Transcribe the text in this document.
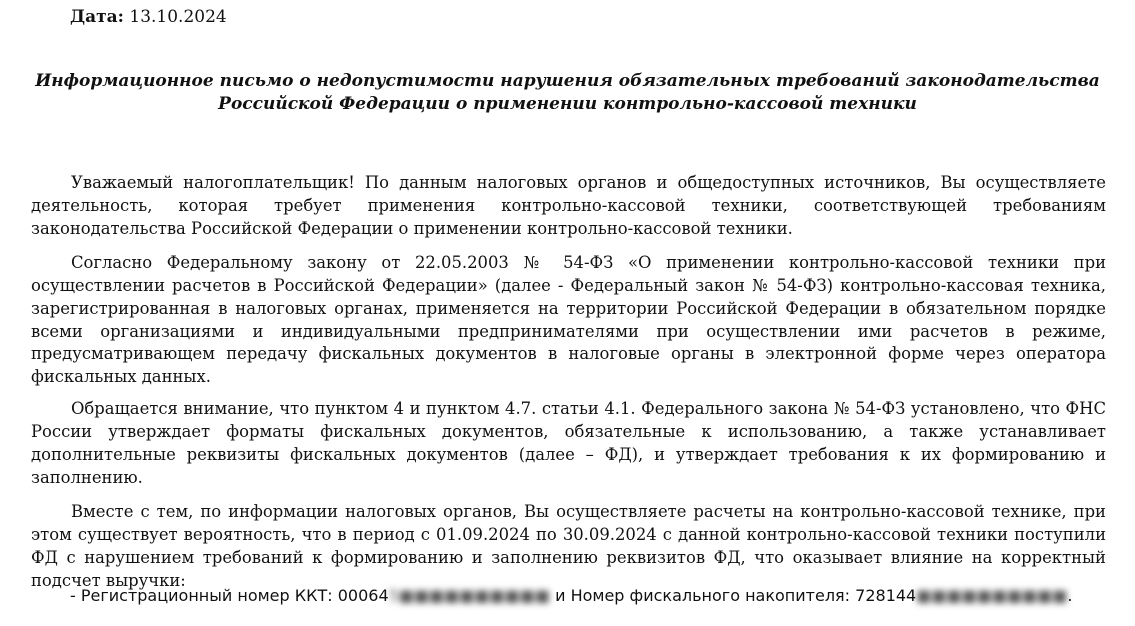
Дата: 13.10.2024
Информационное письмо о недопустимости нарушения обязательных требований законодательства
Российской Федерации о применении контрольно-кассовой техники

Уважаемый налогоплательщик! По данным налоговых органов и общедоступных источников, Вы осуществляете деятельность, которая требует применения контрольно-кассовой техники, соответствующей требованиям законодательства Российской Федерации о применении контрольно-кассовой техники.

Согласно Федеральному закону от 22.05.2003 № 54-ФЗ «О применении контрольно-кассовой техники при осуществлении расчетов в Российской Федерации» (далее - Федеральный закон № 54-ФЗ) контрольно-кассовая техника, зарегистрированная в налоговых органах, применяется на территории Российской Федерации в обязательном порядке всеми организациями и индивидуальными предпринимателями при осуществлении ими расчетов в режиме, предусматривающем передачу фискальных документов в налоговые органы в электронной форме через оператора фискальных данных.

Обращается внимание, что пунктом 4 и пунктом 4.7. статьи 4.1. Федерального закона № 54-ФЗ установлено, что ФНС России утверждает форматы фискальных документов, обязательные к использованию, а также устанавливает дополнительные реквизиты фискальных документов (далее – ФД), и утверждает требования к их формированию и заполнению.

Вместе с тем, по информации налоговых органов, Вы осуществляете расчеты на контрольно-кассовой технике, при этом существует вероятность, что в период с 01.09.2024 по 30.09.2024 с данной контрольно-кассовой техники поступили ФД с нарушением требований к формированию и заполнению реквизитов ФД, что оказывает влияние на корректный подсчет выручки:

- Регистрационный номер ККТ: 000645■■■■■■■■■■ и Номер фискального накопителя: 728144■■■■■■■■■■.
